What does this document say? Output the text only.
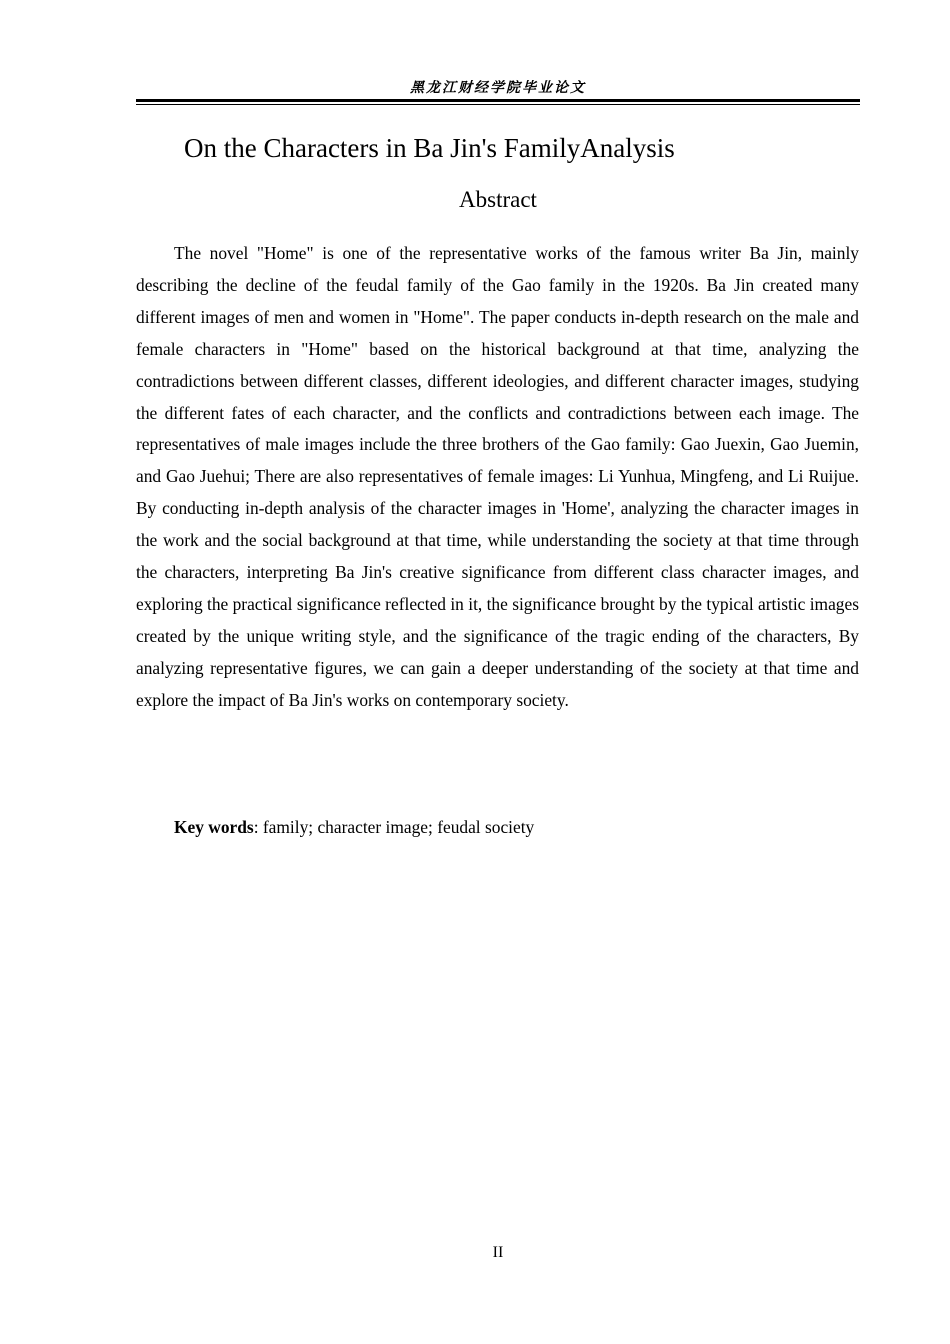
黑龙江财经学院毕业论文
On the Characters in Ba Jin's FamilyAnalysis
Abstract

The novel "Home" is one of the representative works of the famous writer Ba Jin, mainly describing the decline of the feudal family of the Gao family in the 1920s. Ba Jin created many different images of men and women in "Home". The paper conducts in-depth research on the male and female characters in "Home" based on the historical background at that time, analyzing the contradictions between different classes, different ideologies, and different character images, studying the different fates of each character, and the conflicts and contradictions between each image. The representatives of male images include the three brothers of the Gao family: Gao Juexin, Gao Juemin, and Gao Juehui; There are also representatives of female images: Li Yunhua, Mingfeng, and Li Ruijue. By conducting in-depth analysis of the character images in 'Home', analyzing the character images in the work and the social background at that time, while understanding the society at that time through the characters, interpreting Ba Jin's creative significance from different class character images, and exploring the practical significance reflected in it, the significance brought by the typical artistic images created by the unique writing style, and the significance of the tragic ending of the characters, By analyzing representative figures, we can gain a deeper understanding of the society at that time and explore the impact of Ba Jin's works on contemporary society.

Key words: family; character image; feudal society
II
